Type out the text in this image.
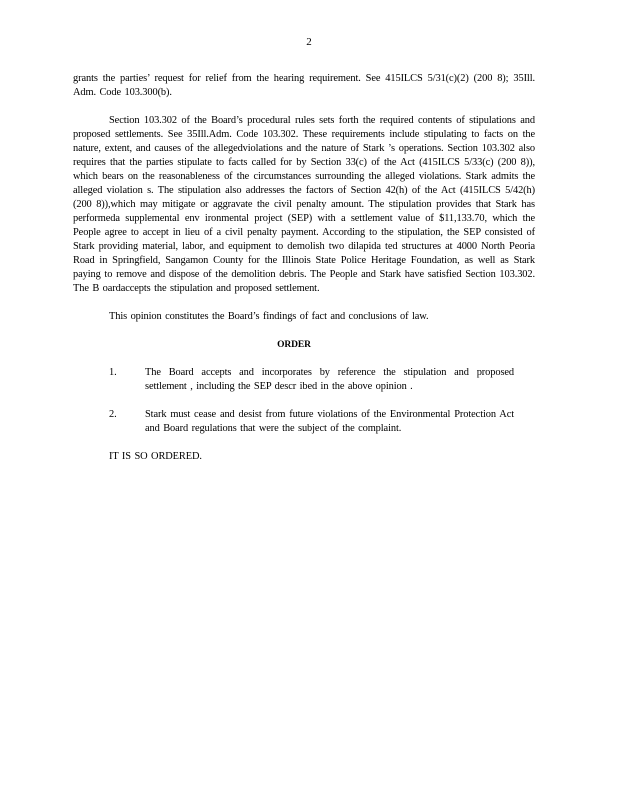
2

grants the parties’ request for relief from the hearing requirement. See 415ILCS 5/31(c)(2) (200 8); 35Ill. Adm. Code 103.300(b).

Section 103.302 of the Board’s procedural rules sets forth the required contents of stipulations and proposed settlements. See 35Ill.Adm. Code 103.302. These requirements include stipulating to facts on the nature, extent, and causes of the allegedviolations and the nature of Stark ’s operations. Section 103.302 also requires that the parties stipulate to facts called for by Section 33(c) of the Act (415ILCS 5/33(c) (200 8)), which bears on the reasonableness of the circumstances surrounding the alleged violations. Stark admits the alleged violation s. The stipulation also addresses the factors of Section 42(h) of the Act (415ILCS 5/42(h) (200 8)),which may mitigate or aggravate the civil penalty amount. The stipulation provides that Stark has performeda supplemental env ironmental project (SEP) with a settlement value of $11,133.70, which the People agree to accept in lieu of a civil penalty payment. According to the stipulation, the SEP consisted of Stark providing material, labor, and equipment to demolish two dilapida ted structures at 4000 North Peoria Road in Springfield, Sangamon County for the Illinois State Police Heritage Foundation, as well as Stark paying to remove and dispose of the demolition debris. The People and Stark have satisfied Section 103.302. The B oardaccepts the stipulation and proposed settlement.

This opinion constitutes the Board’s findings of fact and conclusions of law.

ORDER
1.	The Board accepts and incorporates by reference the stipulation and proposed settlement , including the SEP descr ibed in the above opinion .
2.	Stark must cease and desist from future violations of the Environmental Protection Act and Board regulations that were the subject of the complaint.

IT IS SO ORDERED.
